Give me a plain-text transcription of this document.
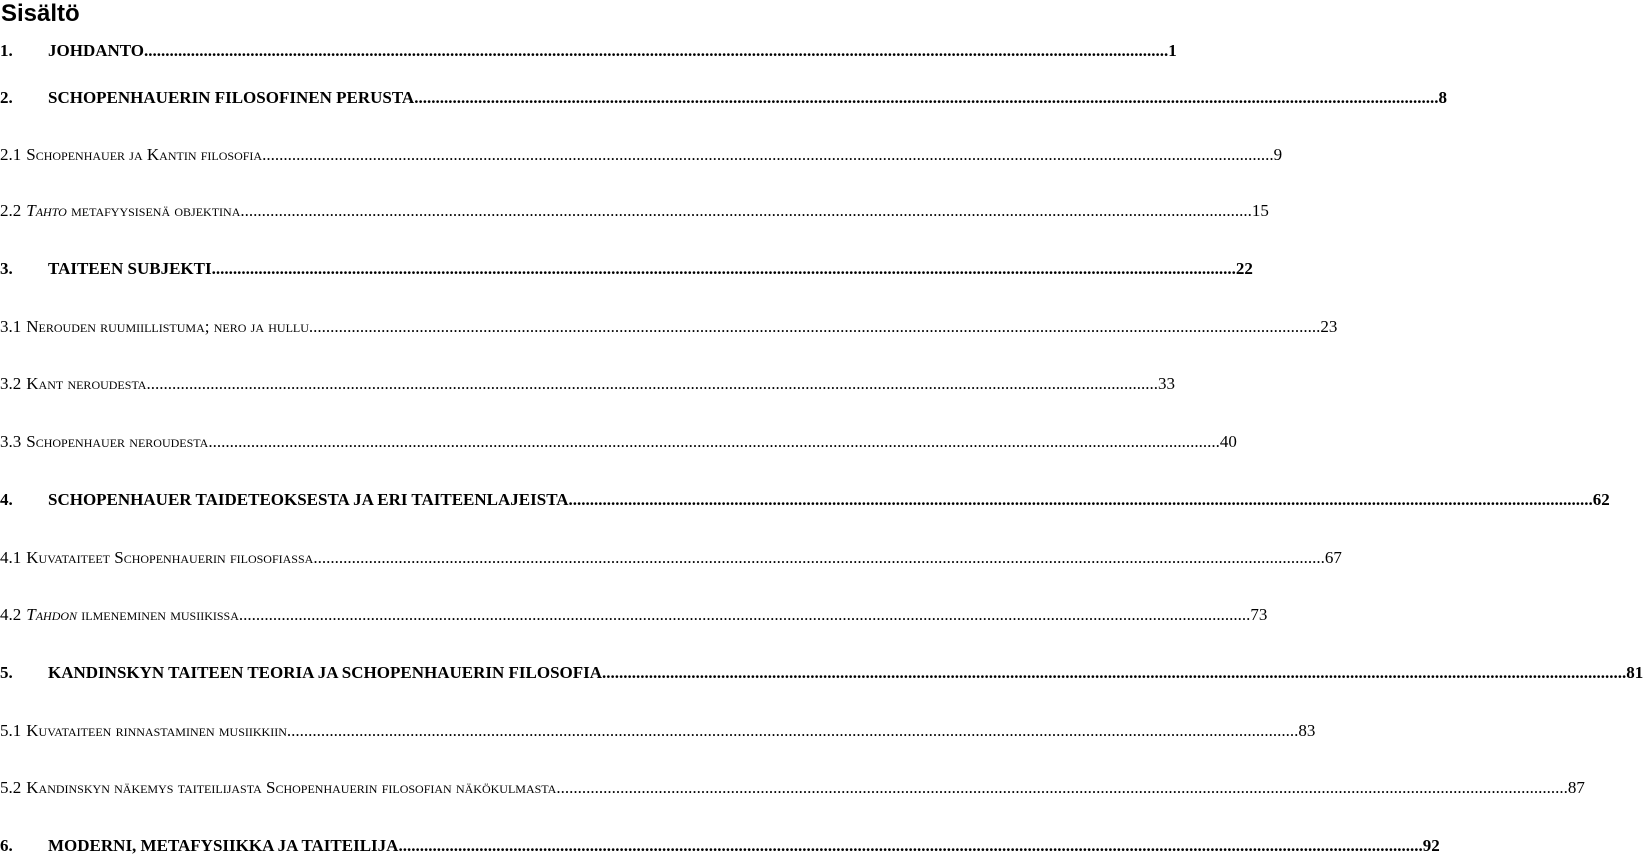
Sisältö
1.	JOHDANTO ................................................................................................................................................................................................................................................. 1
2.	SCHOPENHAUERIN FILOSOFINEN PERUSTA ................................................................................................................................................................................................................................................. 8
2.1 Schopenhauer ja Kantin filosofia .............................................................................................................................................................................................................................................. 9
2.2 Tahto metafyysisenä objektina .............................................................................................................................................................................................................................................. 15
3.	TAITEEN SUBJEKTI ................................................................................................................................................................................................................................................. 22
3.1 Nerouden ruumiillistuma; nero ja hullu .............................................................................................................................................................................................................................................. 23
3.2 Kant neroudesta .............................................................................................................................................................................................................................................. 33
3.3 Schopenhauer neroudesta .............................................................................................................................................................................................................................................. 40
4.	SCHOPENHAUER TAIDETEOKSESTA JA ERI TAITEENLAJEISTA ................................................................................................................................................................................................................................................. 62
4.1 Kuvataiteet Schopenhauerin filosofiassa .............................................................................................................................................................................................................................................. 67
4.2 Tahdon ilmeneminen musiikissa .............................................................................................................................................................................................................................................. 73
5.	KANDINSKYN TAITEEN TEORIA JA SCHOPENHAUERIN FILOSOFIA ................................................................................................................................................................................................................................................. 81
5.1 Kuvataiteen rinnastaminen musiikkiin .............................................................................................................................................................................................................................................. 83
5.2 Kandinskyn näkemys taiteilijasta Schopenhauerin filosofian näkökulmasta .............................................................................................................................................................................................................................................. 87
6.	MODERNI, METAFYSIIKKA JA TAITEILIJA ................................................................................................................................................................................................................................................. 92
